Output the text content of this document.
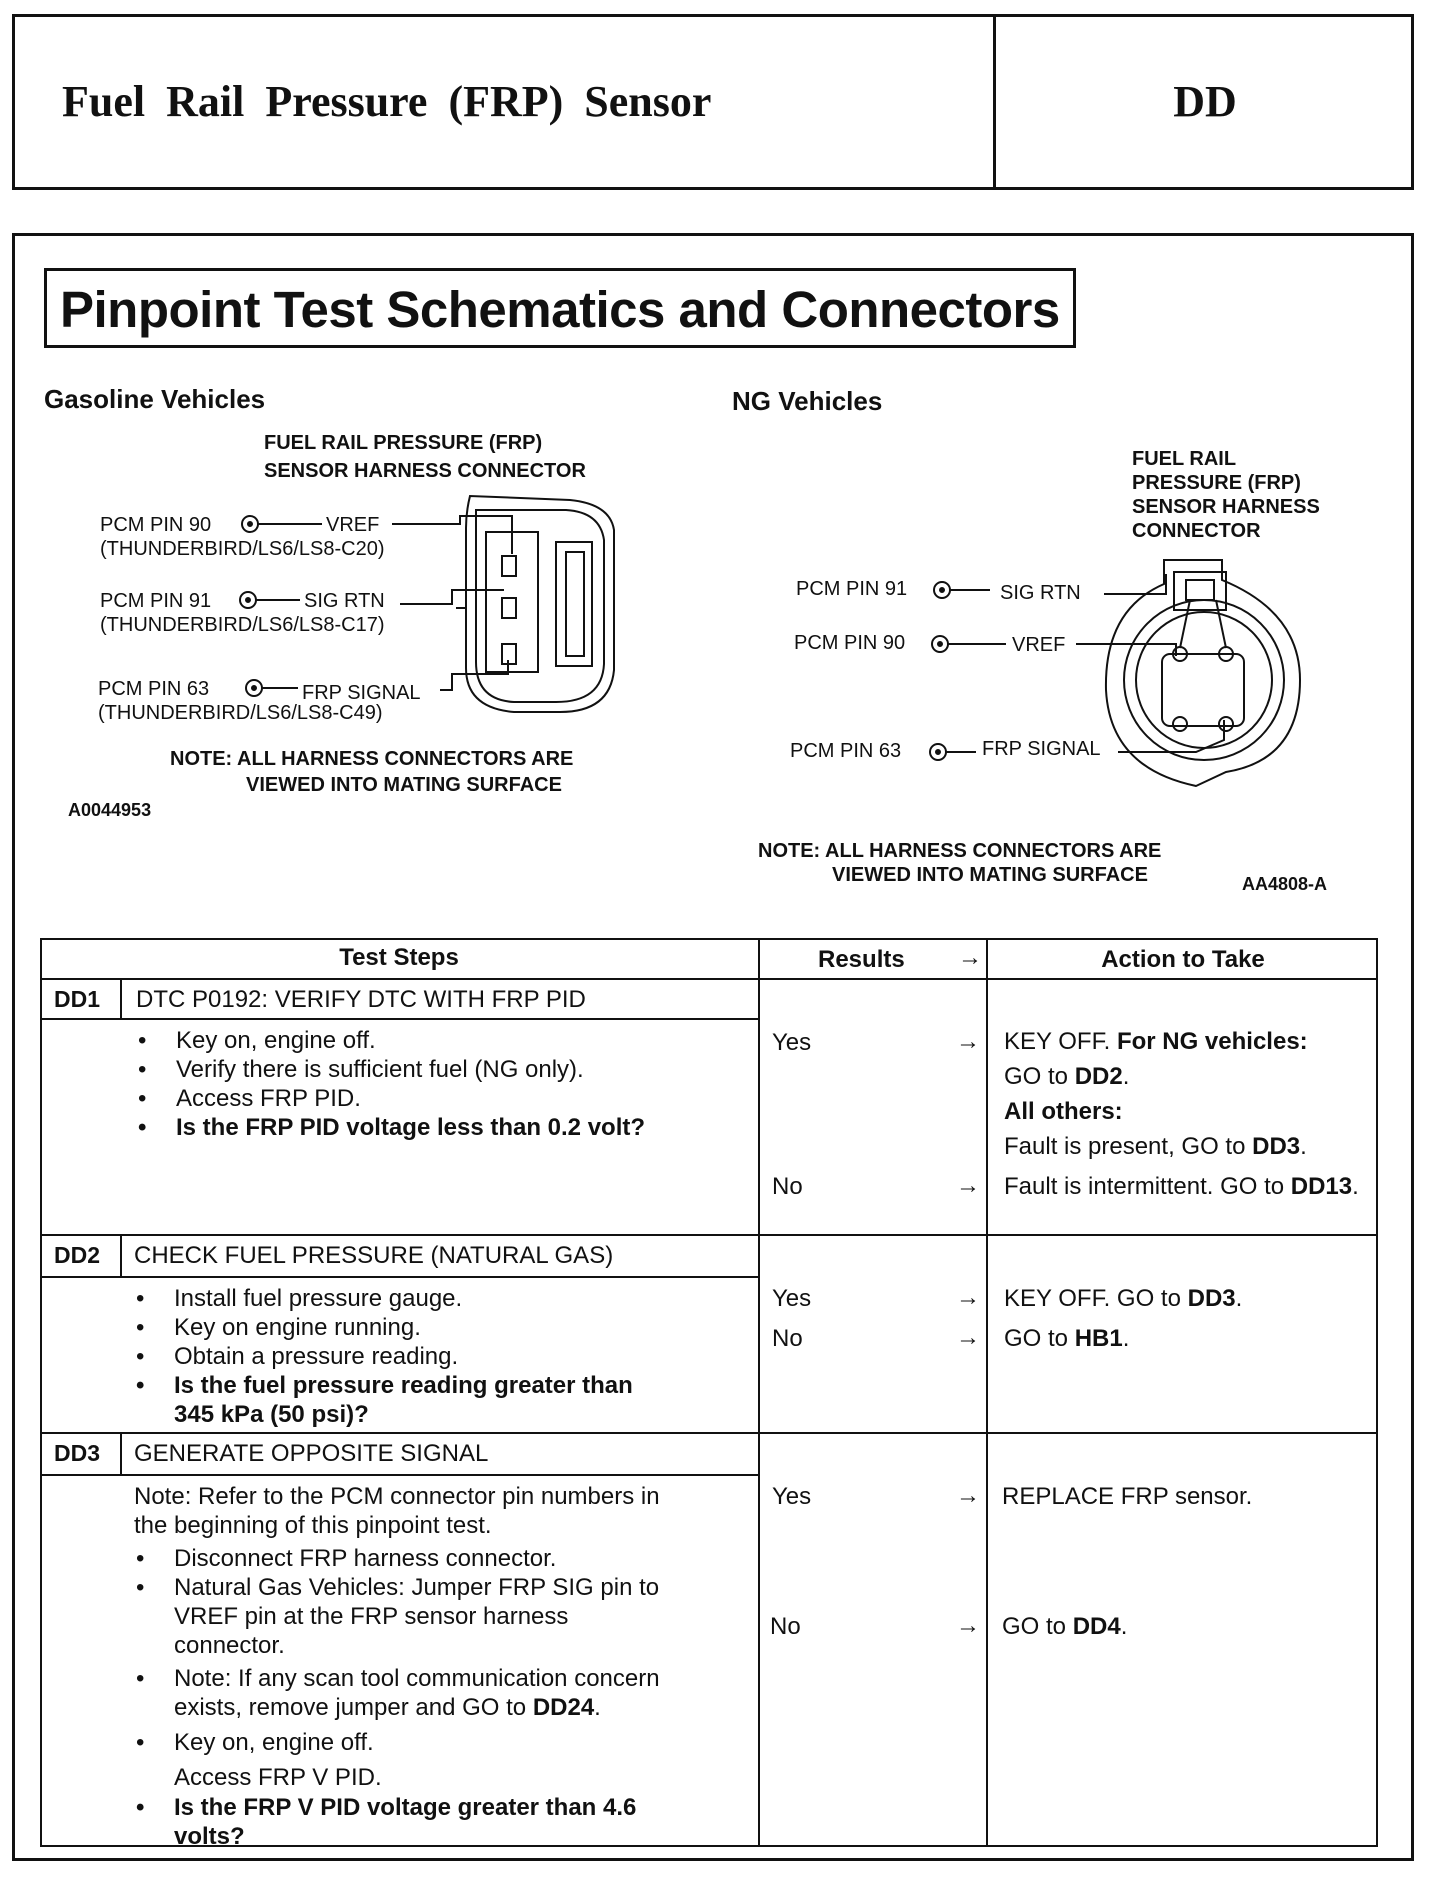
Fuel Rail Pressure (FRP) Sensor	DD
Pinpoint Test Schematics and Connectors
Gasoline Vehicles
FUEL RAIL PRESSURE (FRP)
SENSOR HARNESS CONNECTOR
PCM PIN 90	VREF
(THUNDERBIRD/LS6/LS8-C20)
PCM PIN 91	SIG RTN
(THUNDERBIRD/LS6/LS8-C17)
PCM PIN 63	FRP SIGNAL
(THUNDERBIRD/LS6/LS8-C49)
NOTE: ALL HARNESS CONNECTORS ARE
VIEWED INTO MATING SURFACE
A0044953
NG Vehicles
FUEL RAIL
PRESSURE (FRP)
SENSOR HARNESS
CONNECTOR
PCM PIN 91	SIG RTN
PCM PIN 90	VREF
PCM PIN 63	FRP SIGNAL
NOTE: ALL HARNESS CONNECTORS ARE
VIEWED INTO MATING SURFACE	AA4808-A
Test Steps	Results →	Action to Take
DD1 DTC P0192: VERIFY DTC WITH FRP PID
• Key on, engine off.
• Verify there is sufficient fuel (NG only).
• Access FRP PID.
• Is the FRP PID voltage less than 0.2 volt?
Yes	→ KEY OFF. For NG vehicles:
GO to DD2.
All others:
Fault is present, GO to DD3.
No	→ Fault is intermittent. GO to DD13.
DD2 CHECK FUEL PRESSURE (NATURAL GAS)
• Install fuel pressure gauge.
• Key on engine running.
• Obtain a pressure reading.
• Is the fuel pressure reading greater than
345 kPa (50 psi)?
Yes	→ KEY OFF. GO to DD3.
No	→ GO to HB1.
DD3 GENERATE OPPOSITE SIGNAL
Note: Refer to the PCM connector pin numbers in
the beginning of this pinpoint test.
• Disconnect FRP harness connector.
• Natural Gas Vehicles: Jumper FRP SIG pin to
VREF pin at the FRP sensor harness
connector.
• Note: If any scan tool communication concern
exists, remove jumper and GO to DD24.
• Key on, engine off.
Access FRP V PID.
• Is the FRP V PID voltage greater than 4.6
volts?
Yes	→ REPLACE FRP sensor.
No	→ GO to DD4.
